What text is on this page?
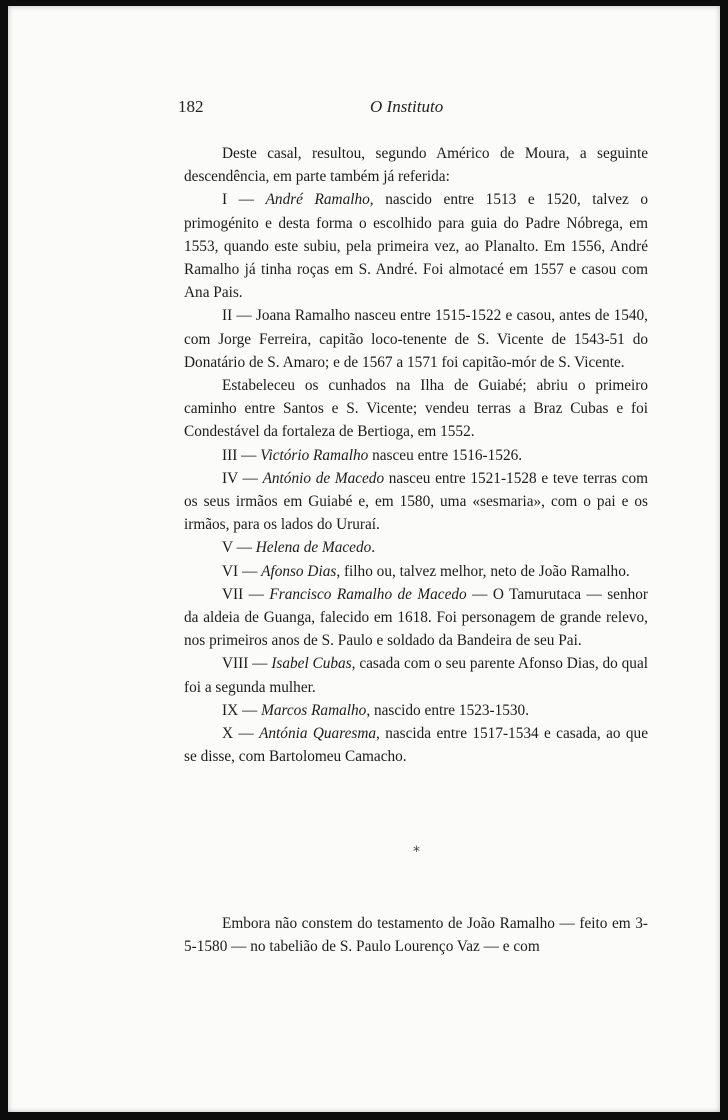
182	O Instituto

Deste casal, resultou, segundo Américo de Moura, a seguinte descendência, em parte também já referida:

I — André Ramalho, nascido entre 1513 e 1520, talvez o primogénito e desta forma o escolhido para guia do Padre Nóbrega, em 1553, quando este subiu, pela primeira vez, ao Planalto. Em 1556, André Ramalho já tinha roças em S. André. Foi almotacé em 1557 e casou com Ana Pais.

II — Joana Ramalho nasceu entre 1515-1522 e casou, antes de 1540, com Jorge Ferreira, capitão loco-tenente de S. Vicente de 1543-51 do Donatário de S. Amaro; e de 1567 a 1571 foi capitão-mór de S. Vicente.

Estabeleceu os cunhados na Ilha de Guiabé; abriu o primeiro caminho entre Santos e S. Vicente; vendeu terras a Braz Cubas e foi Condestável da fortaleza de Bertioga, em 1552.

III — Victório Ramalho nasceu entre 1516-1526.

IV — António de Macedo nasceu entre 1521-1528 e teve terras com os seus irmãos em Guiabé e, em 1580, uma «sesmaria», com o pai e os irmãos, para os lados do Ururaí.

V — Helena de Macedo.

VI — Afonso Dias, filho ou, talvez melhor, neto de João Ramalho.

VII — Francisco Ramalho de Macedo — O Tamurutaca — senhor da aldeia de Guanga, falecido em 1618. Foi personagem de grande relevo, nos primeiros anos de S. Paulo e soldado da Bandeira de seu Pai.

VIII — Isabel Cubas, casada com o seu parente Afonso Dias, do qual foi a segunda mulher.

IX — Marcos Ramalho, nascido entre 1523-1530.

X — Antónia Quaresma, nascida entre 1517-1534 e casada, ao que se disse, com Bartolomeu Camacho.

*

Embora não constem do testamento de João Ramalho — feito em 3-5-1580 — no tabelião de S. Paulo Lourenço Vaz — e com
